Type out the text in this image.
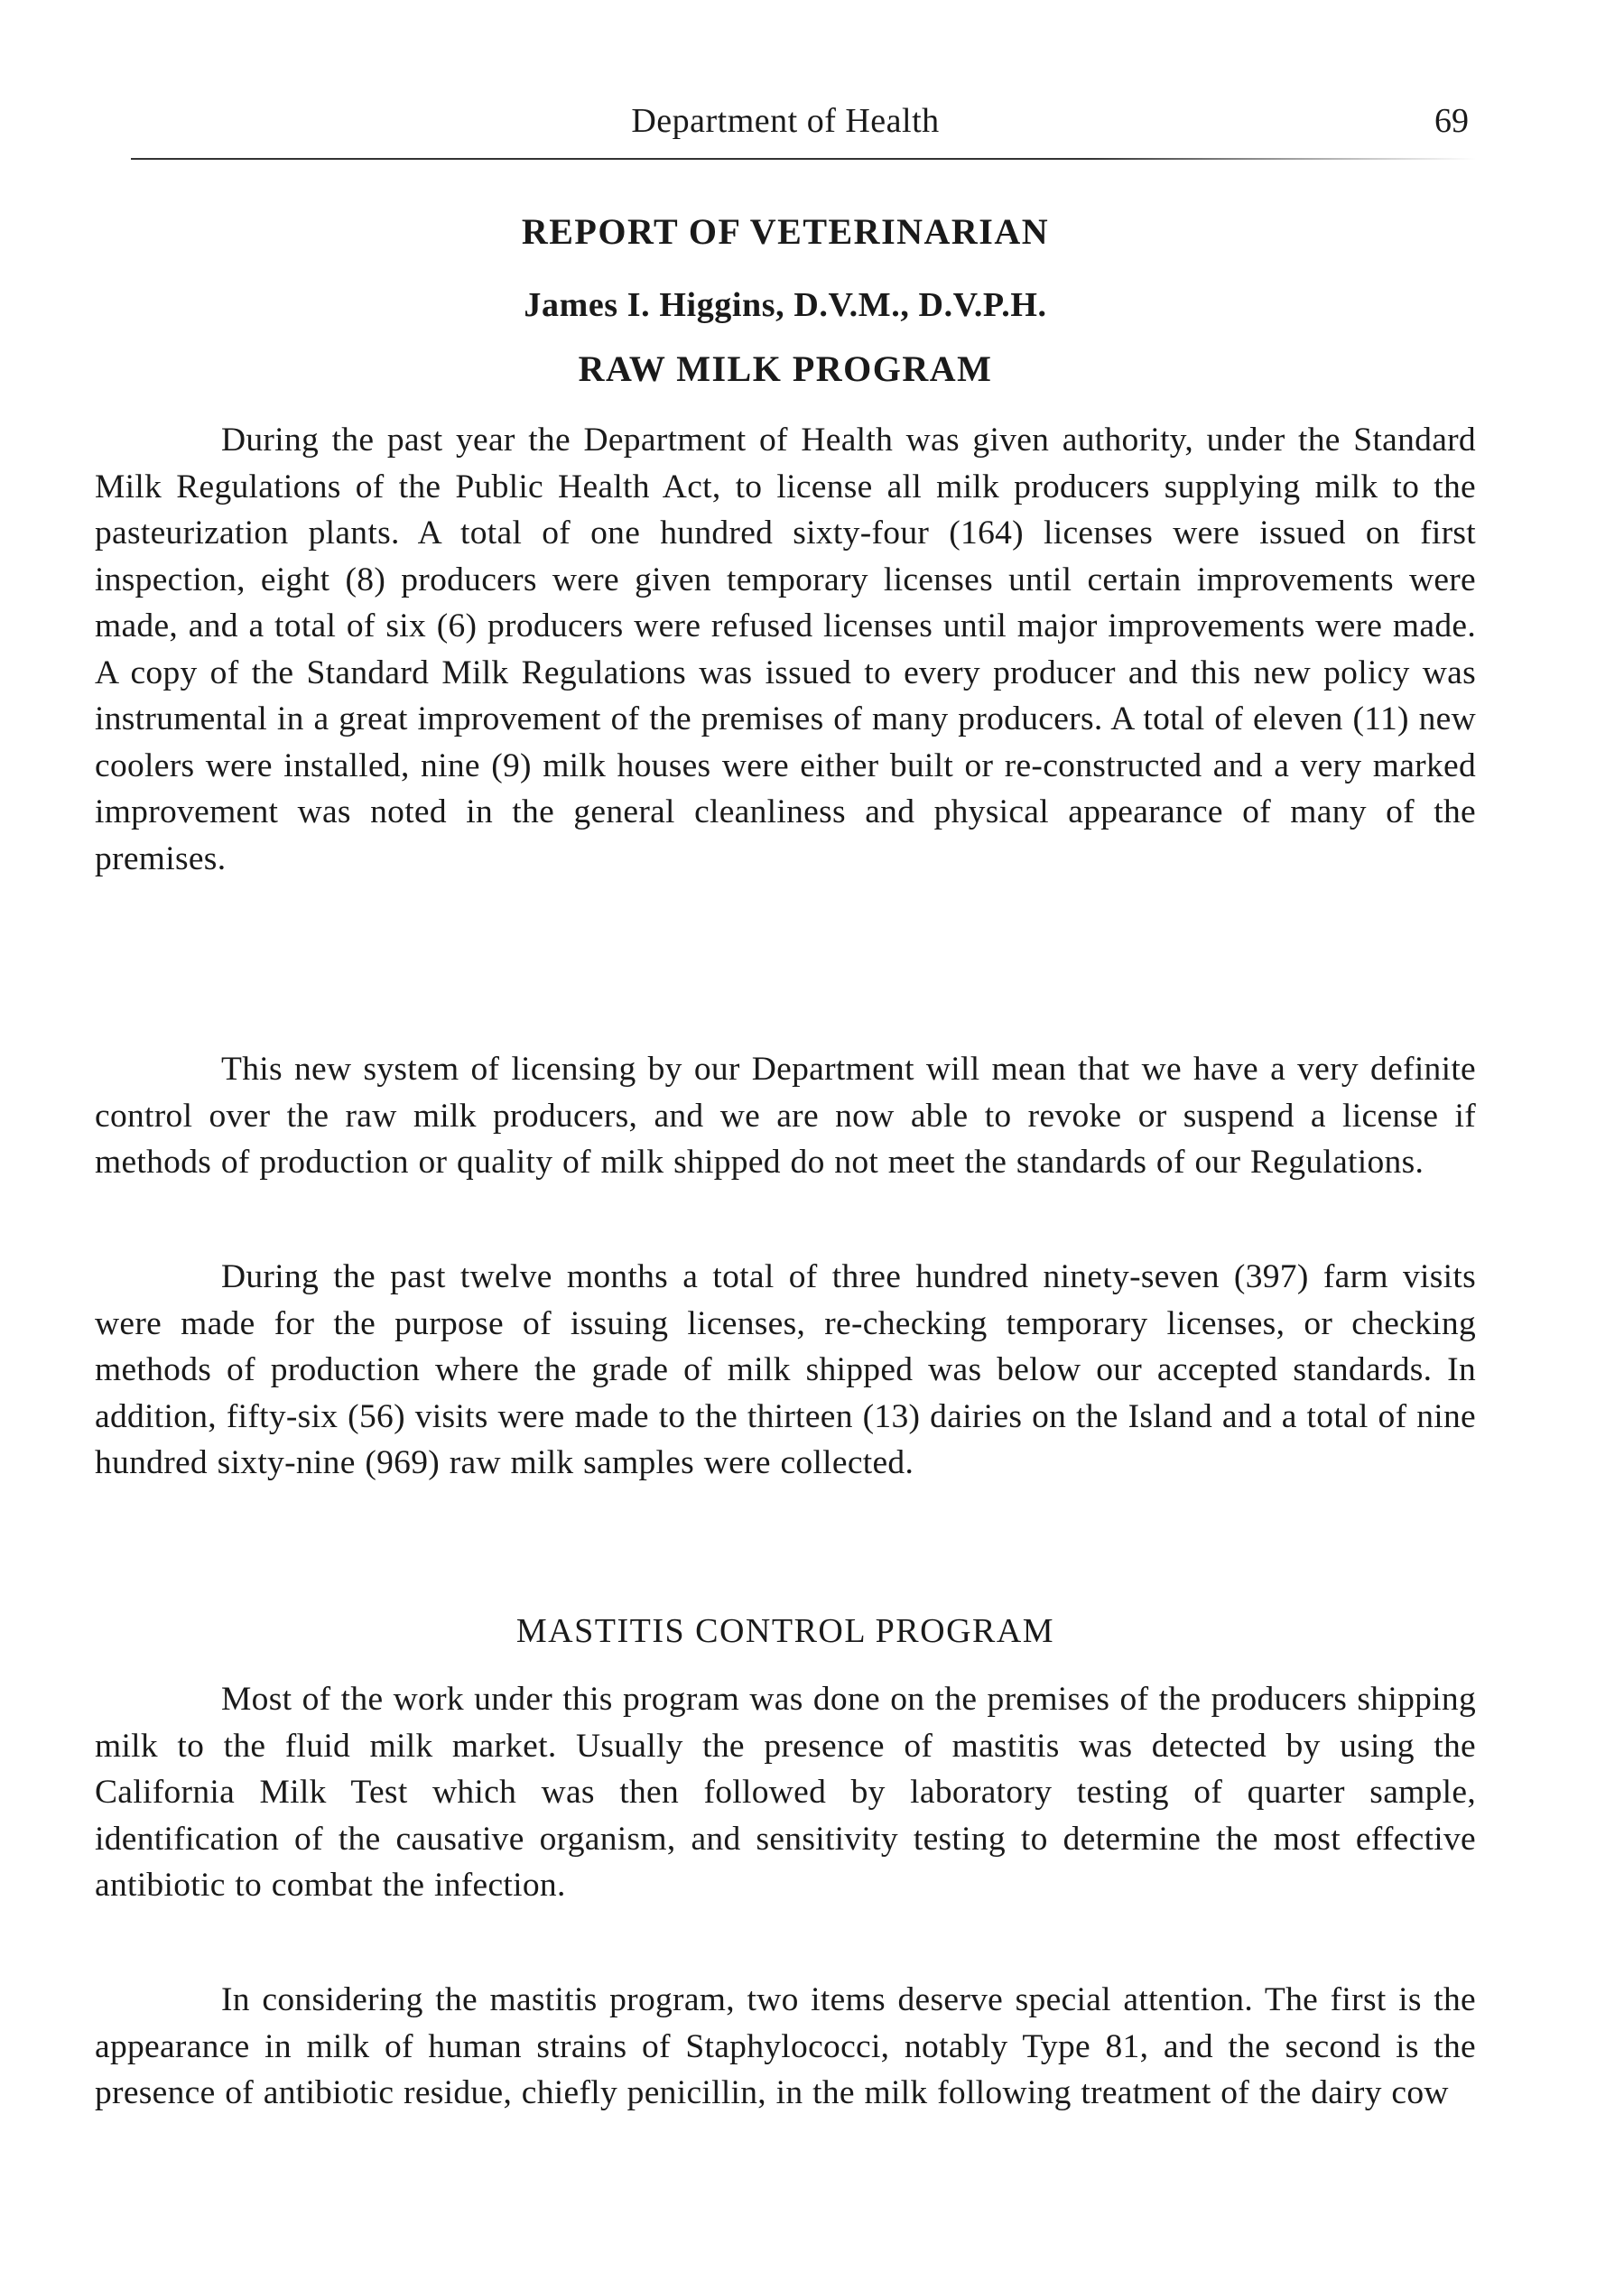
Department of Health	69
REPORT OF VETERINARIAN
James I. Higgins, D.V.M., D.V.P.H.
RAW MILK PROGRAM

During the past year the Department of Health was given authority, under the Standard Milk Regulations of the Public Health Act, to license all milk producers supplying milk to the pasteurization plants. A total of one hundred sixty-four (164) licenses were issued on first inspection, eight (8) producers were given temporary licenses until certain improvements were made, and a total of six (6) producers were refused licenses until major improvements were made. A copy of the Standard Milk Regulations was issued to every producer and this new policy was instrumental in a great improvement of the premises of many producers. A total of eleven (11) new coolers were installed, nine (9) milk houses were either built or re-constructed and a very marked improvement was noted in the general cleanliness and physical appearance of many of the premises.

This new system of licensing by our Department will mean that we have a very definite control over the raw milk producers, and we are now able to revoke or suspend a license if methods of production or quality of milk shipped do not meet the standards of our Regulations.

During the past twelve months a total of three hundred ninety-seven (397) farm visits were made for the purpose of issuing licenses, re-checking temporary licenses, or checking methods of production where the grade of milk shipped was below our accepted standards. In addition, fifty-six (56) visits were made to the thirteen (13) dairies on the Island and a total of nine hundred sixty-nine (969) raw milk samples were collected.

MASTITIS CONTROL PROGRAM

Most of the work under this program was done on the premises of the producers shipping milk to the fluid milk market. Usually the presence of mastitis was detected by using the California Milk Test which was then followed by laboratory testing of quarter sample, identification of the causative organism, and sensitivity testing to determine the most effective antibiotic to combat the infection.

In considering the mastitis program, two items deserve special attention. The first is the appearance in milk of human strains of Staphylococci, notably Type 81, and the second is the presence of antibiotic residue, chiefly penicillin, in the milk following treatment of the dairy cow
